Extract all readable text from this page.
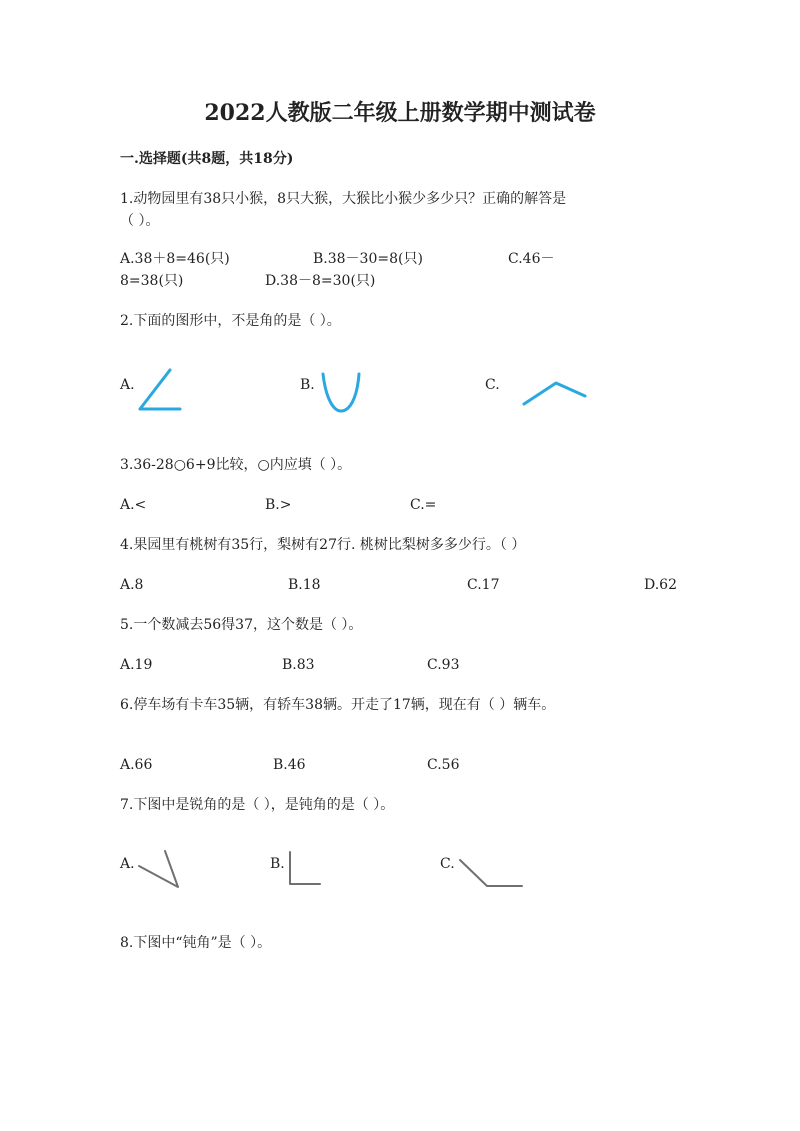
2022人教版二年级上册数学期中测试卷
一.选择题(共8题，共18分)
1.动物园里有38只小猴，8只大猴，大猴比小猴少多少只？正确的解答是
（ ）。
A.38＋8=46(只)	B.38－30=8(只)	C.46－
8=38(只)	D.38－8=30(只)
2.下面的图形中，不是角的是（ ）。
A.	B.	C.
3.36-28○6+9比较，○内应填（ ）。
A.<	B.>	C.=
4.果园里有桃树有35行，梨树有27行. 桃树比梨树多多少行。（ ）
A.8	B.18	C.17	D.62
5.一个数减去56得37，这个数是（ ）。
A.19	B.83	C.93
6.停车场有卡车35辆，有轿车38辆。开走了17辆，现在有（ ）辆车。
A.66	B.46	C.56
7.下图中是锐角的是（ ），是钝角的是（ ）。
A.	B.	C.
8.下图中“钝角”是（ ）。
